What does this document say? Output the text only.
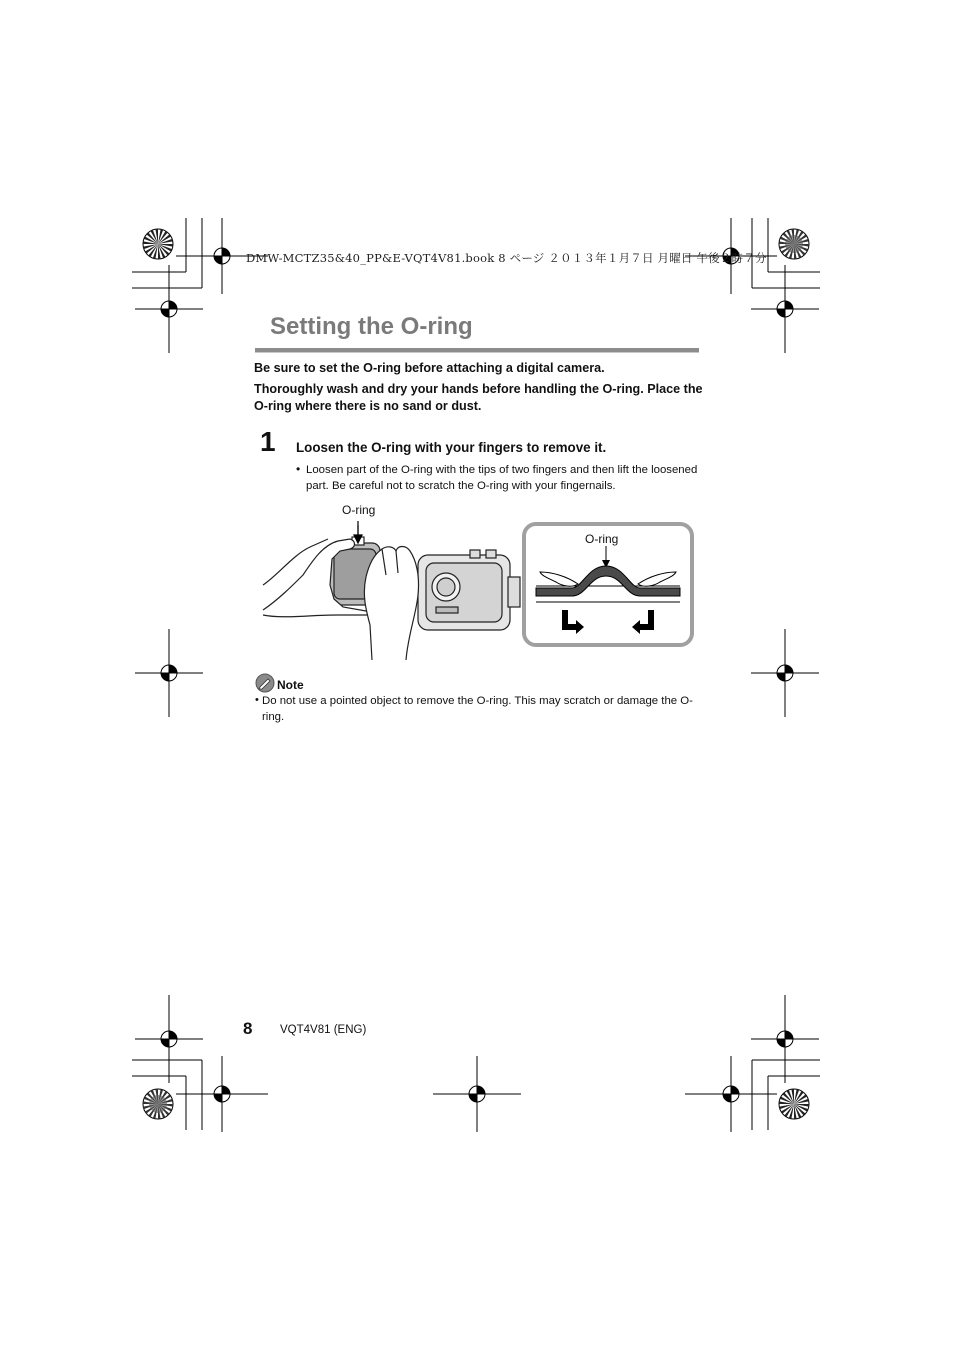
DMW-MCTZ35&40_PP&E-VQT4V81.book 8 ページ ２０１３年１月７日 月曜日 午後２時７分
Setting the O-ring
Be sure to set the O-ring before attaching a digital camera.
Thoroughly wash and dry your hands before handling the O-ring. Place the O-ring where there is no sand or dust.
1 Loosen the O-ring with your fingers to remove it.
• Loosen part of the O-ring with the tips of two fingers and then lift the loosened part. Be careful not to scratch the O-ring with your fingernails.
O-ring
O-ring
Note
• Do not use a pointed object to remove the O-ring. This may scratch or damage the O-ring.
8 VQT4V81 (ENG)
